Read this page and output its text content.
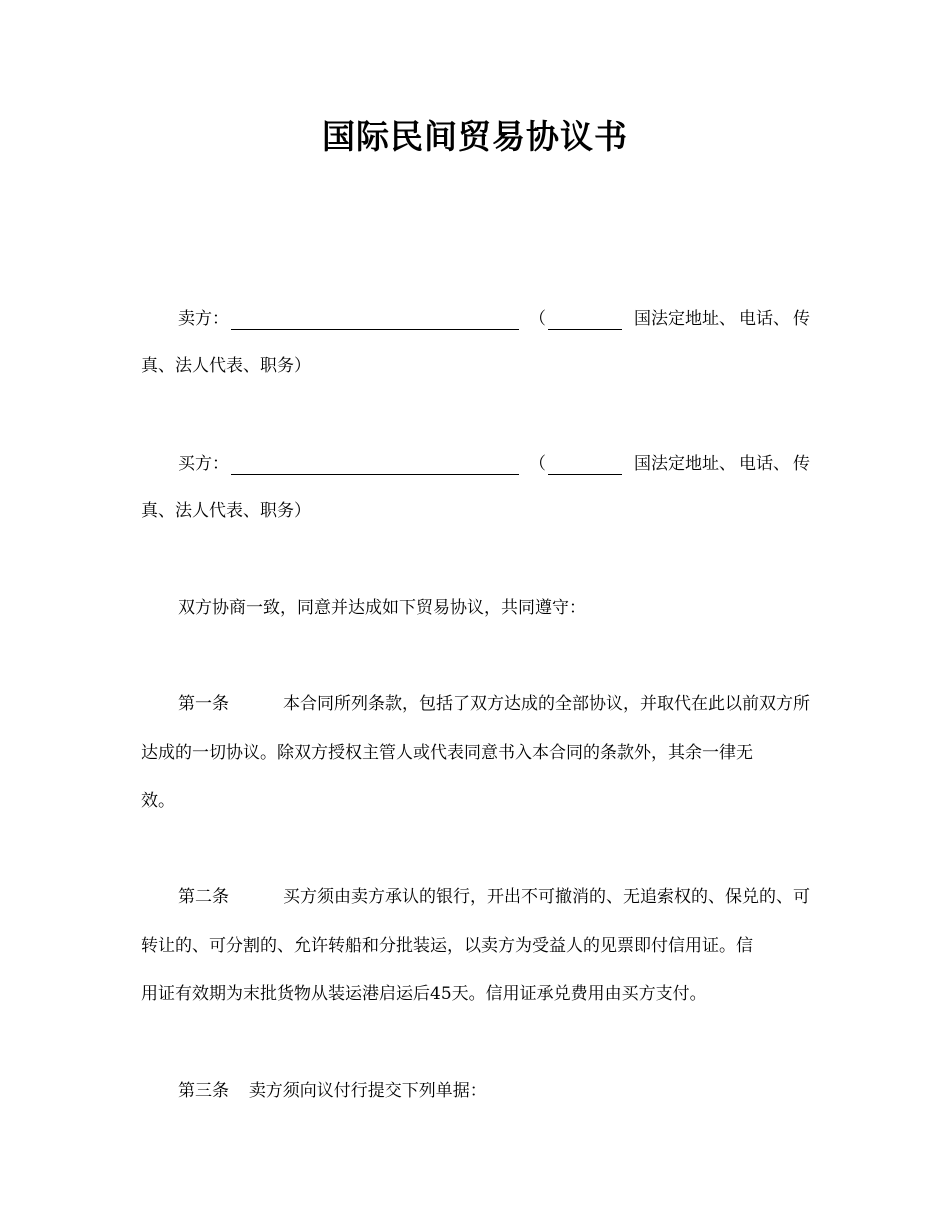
国际民间贸易协议书
卖方：	（	国法定地址、 电话、 传
真、法人代表、职务）
买方：	（	国法定地址、 电话、 传
真、法人代表、职务）
双方协商一致，同意并达成如下贸易协议，共同遵守：
第一条	本合同所列条款，包括了双方达成的全部协议，并取代在此以前双方所
达成的一切协议。除双方授权主管人或代表同意书入本合同的条款外，其余一律无
效。
第二条	买方须由卖方承认的银行，开出不可撤消的、无追索权的、保兑的、可
转让的、可分割的、允许转船和分批装运，以卖方为受益人的见票即付信用证。信
用证有效期为末批货物从装运港启运后45天。信用证承兑费用由买方支付。
第三条 卖方须向议付行提交下列单据：
